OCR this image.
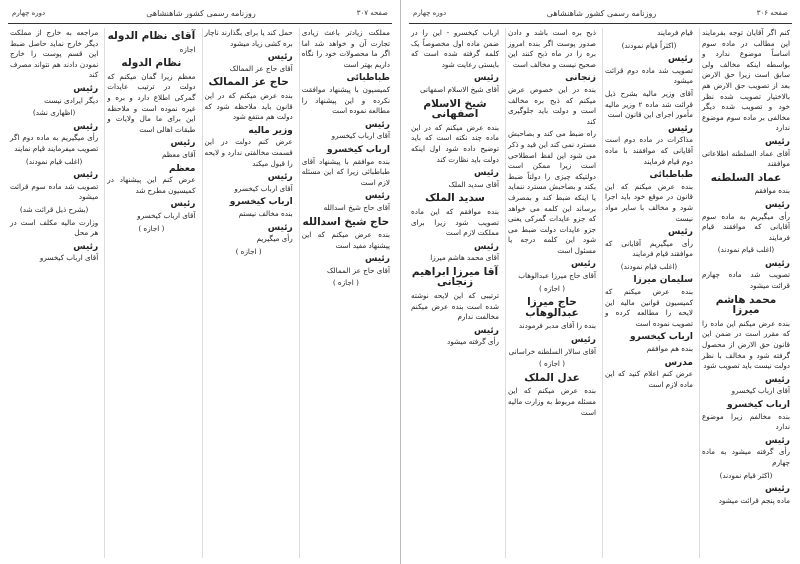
صفحه ۳۰۶
روزنامه رسمی کشور شاهنشاهی
دوره چهارم

کنم اگر آقایان توجه بفرمایند این مطالب در ماده سوم اساساً موضوع ندارد و بواسطه اینکه مخالف ولی سابق است زیرا حق الارض بعد از تصویب حق الارض هم بالاختیار تصویب شده نظر خود و تصویب شده دیگر مخالفی بر ماده سوم موضوع ندارد

رئیس

آقای عماد السلطنه اطلاعاتی موافقند

عماد السلطنه

بنده موافقم

رئیس

رأی میگیریم به ماده سوم آقایانی که موافقند قیام فرمایند

(اغلب قیام نمودند)

رئیس

تصویب شد ماده چهارم قرائت میشود

محمد هاشم میرزا

بنده عرض میکنم این ماده را که مقرر است در ضمن این قانون حق الارض از محصول گرفته شود و مخالف با نظر دولت نیست باید تصویب شود

رئیس

آقای ارباب کیخسرو

ارباب کیخسرو

بنده مخالفم زیرا موضوع ندارد

رئیس

رأی گرفته میشود به ماده چهارم

(اکثر قیام نمودند)

رئیس

ماده پنجم قرائت میشود

قیام فرمایند

(اکثراً قیام نمودند)

رئیس

تصویب شد ماده دوم قرائت میشود

آقای وزیر مالیه بشرح ذیل قرائت شد ماده ۲ وزیر مالیه مأمور اجرای این قانون است

رئیس

مذاکرات در ماده دوم است آقایانی که موافقند با ماده دوم قیام فرمایند

طباطبائی

بنده عرض میکنم که این قانون در موقع خود باید اجرا شود و مخالف با سایر مواد نیست

رئیس

رأی میگیریم آقایانی که موافقند قیام فرمایند

(اغلب قیام نمودند)

سلیمان میرزا

بنده عرض میکنم که کمیسیون قوانین مالیه این لایحه را مطالعه کرده و تصویب نموده است

ارباب کیخسرو

بنده هم موافقم

مدرس

عرض کنم اعلام کنید که این ماده لازم است

ذبح بره است باشد و دادن صدور پوست اگر بنده امروز بره را در ماه ذبح کنند این صحیح نیست و مخالف است

زنجانی

بنده در این خصوص عرض میکنم که ذبح بره مخالف است و دولت باید جلوگیری کند

راه ضبط می کند و بصاحبش مسترد نمی کند این قید و ذکر می شود این لفظ اصطلاحی است زیرا ممکن است دولتیکه چیزی را دولتاً ضبط بکند و بصاحبش مسترد ننماید یا اینکه ضبط کند و بمصرف برساند این کلمه می خواهد که جزو عایدات گمرکی یعنی جزو عایدات دولت ضبط می شود این کلمه درجه یا مسئول است

رئیس

آقای حاج میرزا عبدالوهاب

( اجازه )

حاج میرزا عبدالوهاب

بنده را آقای مدبر فرمودند

رئیس

آقای سالار السلطنه خراسانی

( اجازه )

عدل الملک

بنده عرض میکنم که این مسئله مربوط به وزارت مالیه است

ارباب کیخسرو - این را در ضمن ماده اول مخصوصاً یک کلمه گرفته شده است که بایستی رعایت شود

رئیس

آقای شیخ الاسلام اصفهانی

شیخ الاسلام اصفهانی

بنده عرض میکنم که در این ماده چند نکته است که باید توضیح داده شود اول اینکه دولت باید نظارت کند

رئیس

آقای سدید الملک

سدید الملک

بنده موافقم که این ماده تصویب شود زیرا برای مملکت لازم است

رئیس

آقای محمد هاشم میرزا

آقا میرزا ابراهیم زنجانی

ترتیبی که این لایحه نوشته شده است بنده عرض میکنم مخالفت ندارم

رئیس

رأی گرفته میشود

صفحه ۳۰۷
روزنامه رسمی کشور شاهنشاهی
دوره چهارم

مملکت زیادتر باعث زیادی تجارت آن و خواهد شد اما اگر ما محصولات خود را نگاه داریم بهتر است

طباطبائی

کمیسیون با پیشنهاد موافقت نکرده و این پیشنهاد را مطالعه نموده است

رئیس

آقای ارباب کیخسرو

ارباب کیخسرو

بنده موافقم با پیشنهاد آقای طباطبائی زیرا که این مسئله لازم است

رئیس

آقای حاج شیخ اسدالله

حاج شیخ اسدالله

بنده عرض میکنم که این پیشنهاد مفید است

رئیس

آقای حاج عز الممالک

( اجازه )

حمل کند یا برای بگذارند ناچار بره کشی زیاد میشود

رئیس

آقای حاج عز الممالک

حاج عز الممالک

بنده عرض میکنم که در این قانون باید ملاحظه شود که دولت هم منتفع شود

وزیر مالیه

عرض کنم دولت در این قسمت مخالفتی ندارد و لایحه را قبول میکند

رئیس

آقای ارباب کیخسرو

ارباب کیخسرو

بنده مخالف نیستم

رئیس

رأی میگیریم

( اجازه )

آقای نظام الدوله

اجازه

نظام الدوله

معظم زیرا گمان میکنم که دولت در ترتیب عایدات گمرکی اطلاع دارد و بره و غیره نموده است و ملاحظه این برای ما مال ولایات و طبقات اهالی است

رئیس

آقای معظم

معظم

عرض کنم این پیشنهاد در کمیسیون مطرح شد

رئیس

آقای ارباب کیخسرو

( اجازه )

مراجعه به خارج از مملکت دیگر خارج نماید حاصل ضبط این قسم پوست را خارج نمودن دادند هم نتواند مصرف کند

رئیس

دیگر ایرادی نیست

(اظهاری نشد)

رئیس

رأی میگیریم به ماده دوم اگر تصویب میفرمایند قیام نمایند

(اغلب قیام نمودند)

رئیس

تصویب شد ماده سوم قرائت میشود

(بشرح ذیل قرائت شد)

وزارت مالیه مکلف است در هر محل

رئیس

آقای ارباب کیخسرو
